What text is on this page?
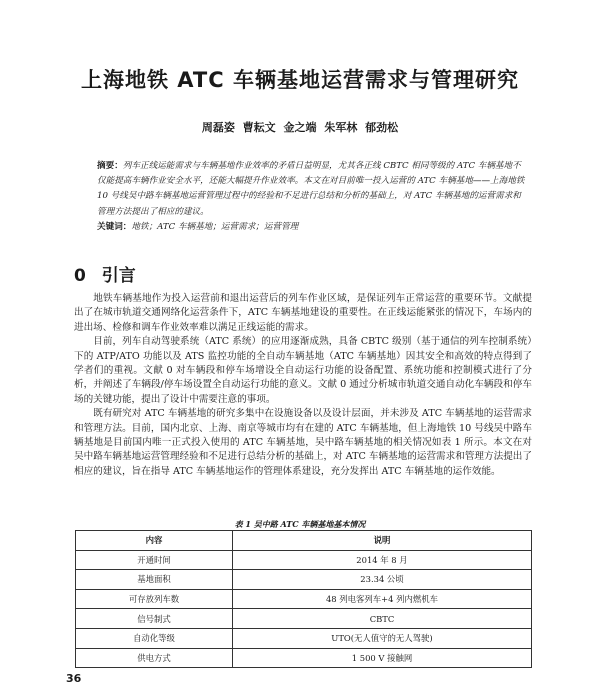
上海地铁 ATC 车辆基地运营需求与管理研究
周磊姿 曹耘文 金之端 朱军林 郁劲松
摘要：列车正线运能需求与车辆基地作业效率的矛盾日益明显，尤其各正线 CBTC 相同等级的 ATC 车辆基地不仅能提高车辆作业安全水平，还能大幅提升作业效率。本文在对目前唯一投入运营的 ATC 车辆基地——上海地铁 10 号线吴中路车辆基地运营管理过程中的经验和不足进行总结和分析的基础上，对 ATC 车辆基地的运营需求和管理方法提出了相应的建议。
关键词：地铁；ATC 车辆基地；运营需求；运营管理
0 引言

地铁车辆基地作为投入运营前和退出运营后的列车作业区域，是保证列车正常运营的重要环节。文献提出了在城市轨道交通网络化运营条件下，ATC 车辆基地建设的重要性。在正线运能紧张的情况下，车场内的进出场、检修和调车作业效率难以满足正线运能的需求。

目前，列车自动驾驶系统（ATC 系统）的应用逐渐成熟，具备 CBTC 级别（基于通信的列车控制系统）下的 ATP/ATO 功能以及 ATS 监控功能的全自动车辆基地（ATC 车辆基地）因其安全和高效的特点得到了学者们的重视。文献 0 对车辆段和停车场增设全自动运行功能的设备配置、系统功能和控制模式进行了分析，并阐述了车辆段/停车场设置全自动运行功能的意义。文献 0 通过分析城市轨道交通自动化车辆段和停车场的关键功能，提出了设计中需要注意的事项。

既有研究对 ATC 车辆基地的研究多集中在设施设备以及设计层面，并未涉及 ATC 车辆基地的运营需求和管理方法。目前，国内北京、上海、南京等城市均有在建的 ATC 车辆基地，但上海地铁 10 号线吴中路车辆基地是目前国内唯一正式投入使用的 ATC 车辆基地，吴中路车辆基地的相关情况如表 1 所示。本文在对吴中路车辆基地运营管理经验和不足进行总结分析的基础上，对 ATC 车辆基地的运营需求和管理方法提出了相应的建议，旨在指导 ATC 车辆基地运作的管理体系建设，充分发挥出 ATC 车辆基地的运作效能。

表 1 吴中路 ATC 车辆基地基本情况
内容	说明
开通时间	2014 年 8 月
基地面积	23.34 公顷
可存放列车数	48 列电客列车+4 列内燃机车
信号制式	CBTC
自动化等级	UTO(无人值守的无人驾驶)
供电方式	1 500 V 接触网
36
